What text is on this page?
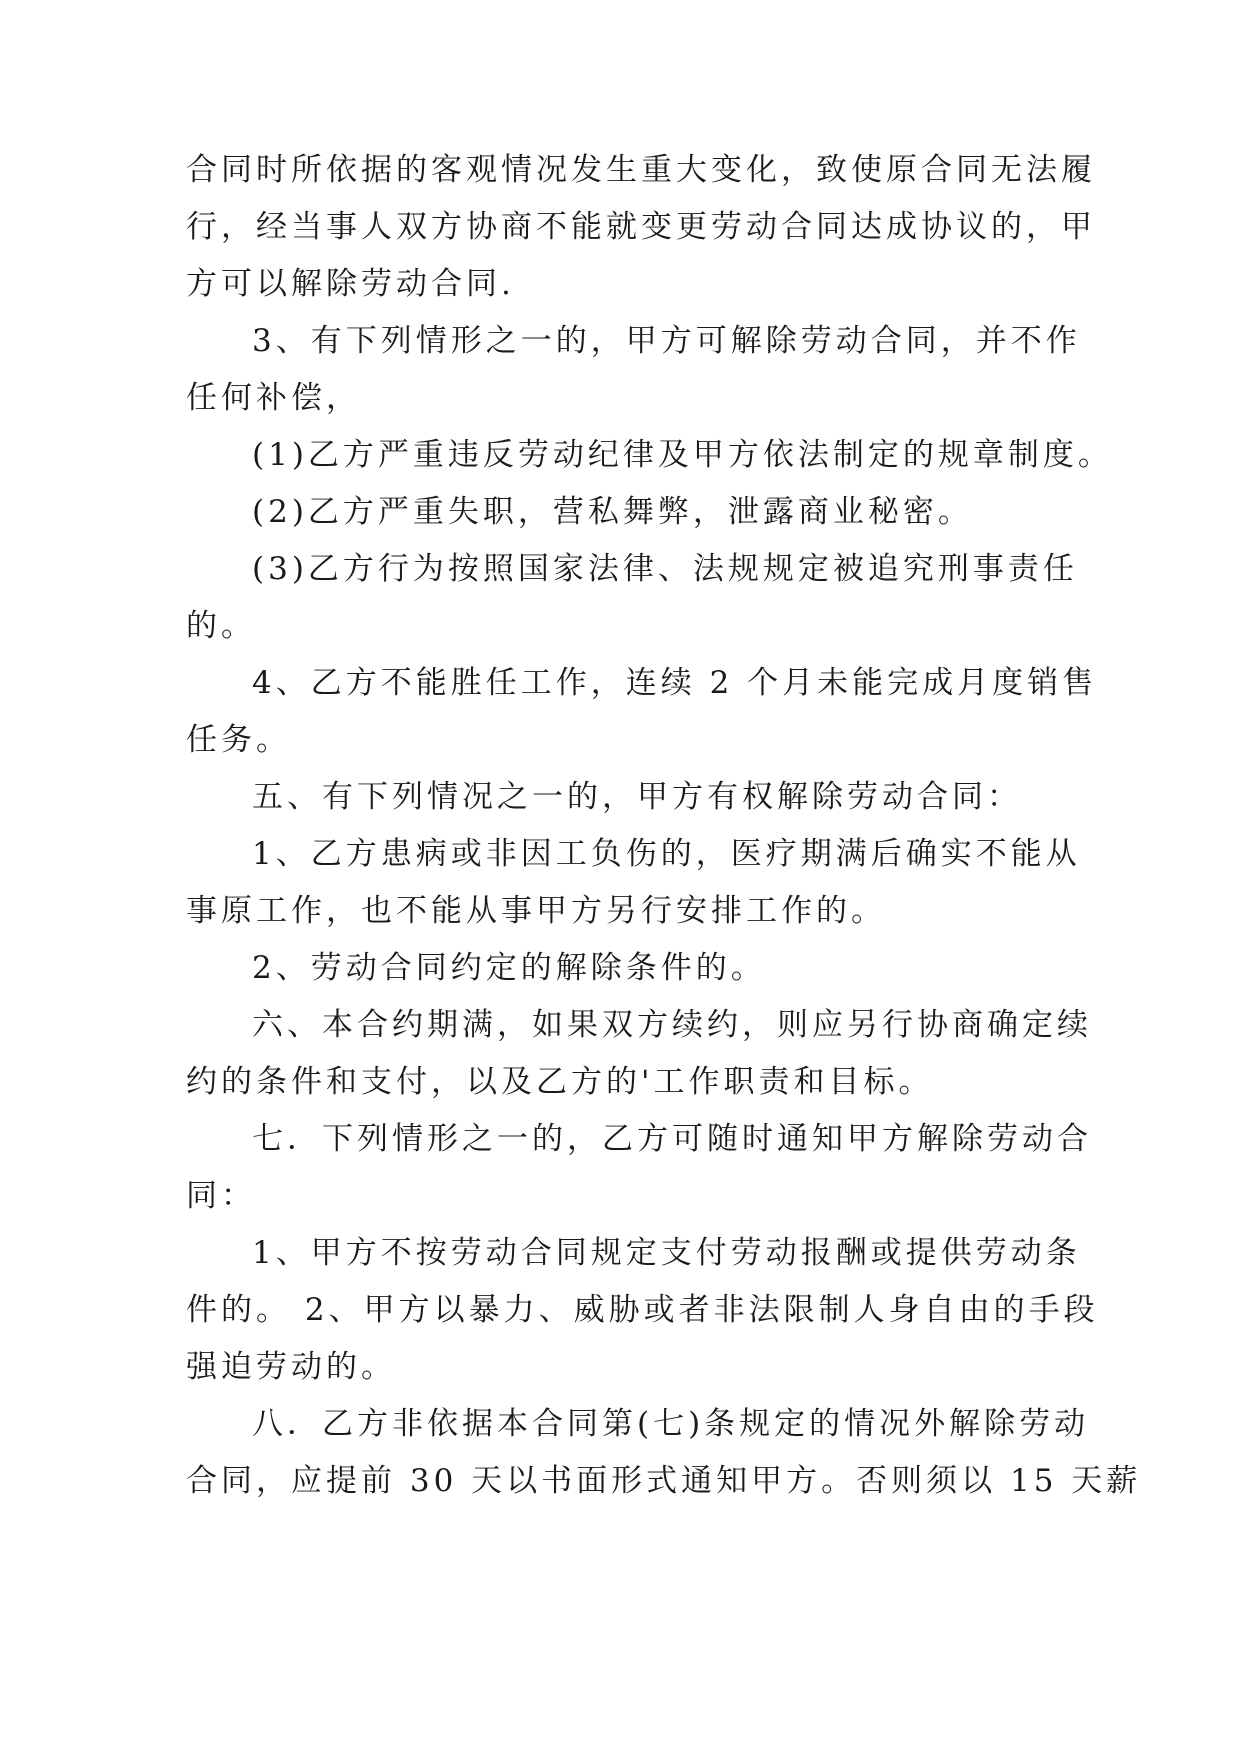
合同时所依据的客观情况发生重大变化，致使原合同无法履
行，经当事人双方协商不能就变更劳动合同达成协议的，甲
方可以解除劳动合同.
3、有下列情形之一的，甲方可解除劳动合同，并不作
任何补偿，
(1)乙方严重违反劳动纪律及甲方依法制定的规章制度。
(2)乙方严重失职，营私舞弊，泄露商业秘密。
(3)乙方行为按照国家法律、法规规定被追究刑事责任
的。
4、乙方不能胜任工作，连续 2 个月未能完成月度销售
任务。
五、有下列情况之一的，甲方有权解除劳动合同：
1、乙方患病或非因工负伤的，医疗期满后确实不能从
事原工作，也不能从事甲方另行安排工作的。
2、劳动合同约定的解除条件的。
六、本合约期满，如果双方续约，则应另行协商确定续
约的条件和支付，以及乙方的'工作职责和目标。
七．下列情形之一的，乙方可随时通知甲方解除劳动合
同：
1、甲方不按劳动合同规定支付劳动报酬或提供劳动条
件的。 2、甲方以暴力、威胁或者非法限制人身自由的手段
强迫劳动的。
八．乙方非依据本合同第(七)条规定的情况外解除劳动
合同，应提前 30 天以书面形式通知甲方。否则须以 15 天薪
